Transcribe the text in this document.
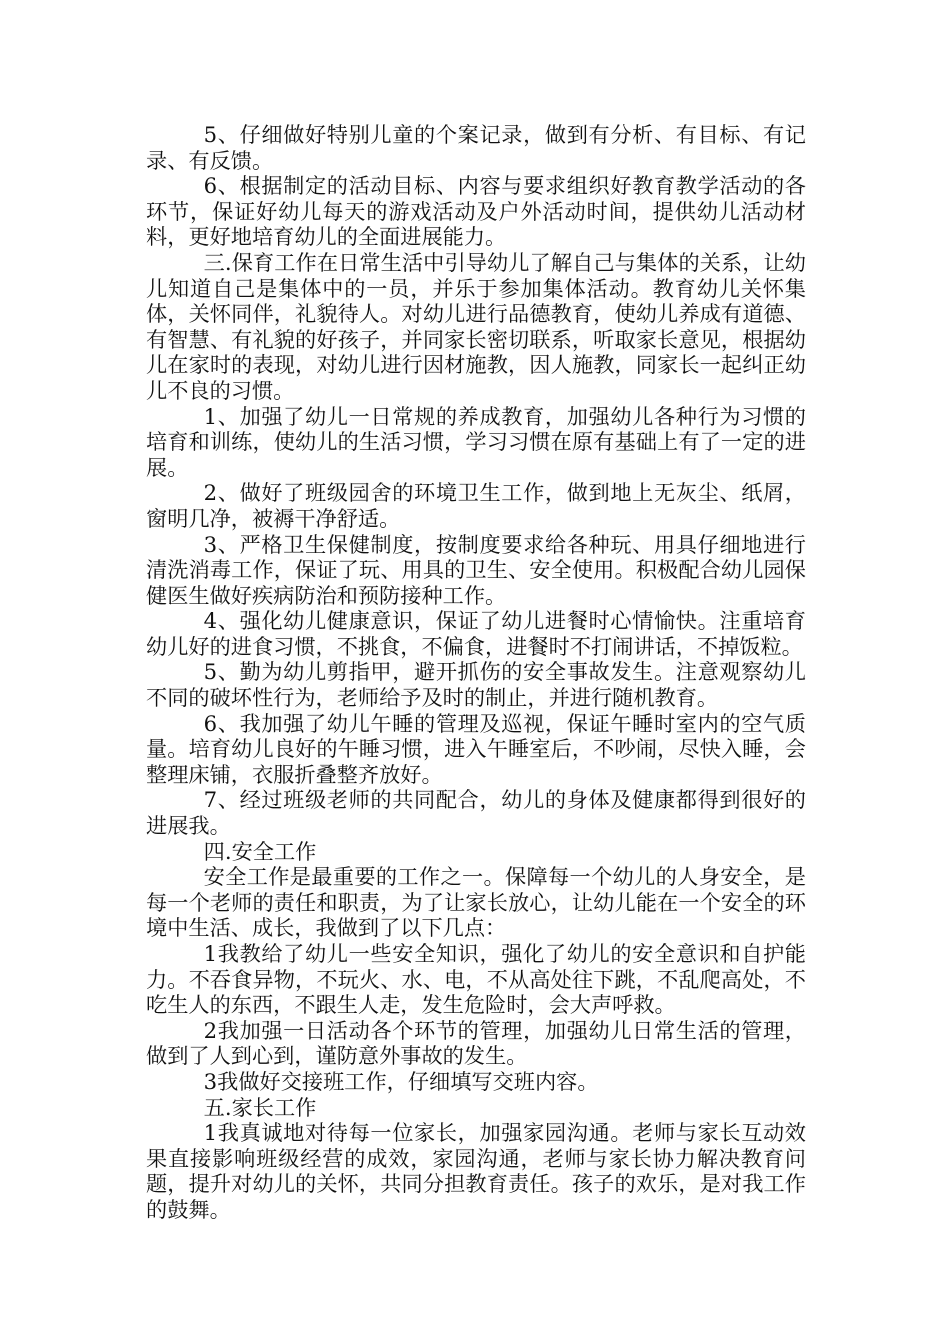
5、仔细做好特别儿童的个案记录，做到有分析、有目标、有记录、有反馈。

6、根据制定的活动目标、内容与要求组织好教育教学活动的各环节，保证好幼儿每天的游戏活动及户外活动时间，提供幼儿活动材料，更好地培育幼儿的全面进展能力。

三.保育工作在日常生活中引导幼儿了解自己与集体的关系，让幼儿知道自己是集体中的一员，并乐于参加集体活动。教育幼儿关怀集体，关怀同伴，礼貌待人。对幼儿进行品德教育，使幼儿养成有道德、有智慧、有礼貌的好孩子，并同家长密切联系，听取家长意见，根据幼儿在家时的表现，对幼儿进行因材施教，因人施教，同家长一起纠正幼儿不良的习惯。

1、加强了幼儿一日常规的养成教育，加强幼儿各种行为习惯的培育和训练，使幼儿的生活习惯，学习习惯在原有基础上有了一定的进展。

2、做好了班级园舍的环境卫生工作，做到地上无灰尘、纸屑，窗明几净，被褥干净舒适。

3、严格卫生保健制度，按制度要求给各种玩、用具仔细地进行清洗消毒工作，保证了玩、用具的卫生、安全使用。积极配合幼儿园保健医生做好疾病防治和预防接种工作。

4、强化幼儿健康意识，保证了幼儿进餐时心情愉快。注重培育幼儿好的进食习惯，不挑食，不偏食，进餐时不打闹讲话，不掉饭粒。

5、勤为幼儿剪指甲，避开抓伤的安全事故发生。注意观察幼儿不同的破坏性行为，老师给予及时的制止，并进行随机教育。

6、我加强了幼儿午睡的管理及巡视，保证午睡时室内的空气质量。培育幼儿良好的午睡习惯，进入午睡室后，不吵闹，尽快入睡，会整理床铺，衣服折叠整齐放好。

7、经过班级老师的共同配合，幼儿的身体及健康都得到很好的进展我。

四.安全工作

安全工作是最重要的工作之一。保障每一个幼儿的人身安全，是每一个老师的责任和职责，为了让家长放心，让幼儿能在一个安全的环境中生活、成长，我做到了以下几点：

1我教给了幼儿一些安全知识，强化了幼儿的安全意识和自护能力。不吞食异物，不玩火、水、电，不从高处往下跳，不乱爬高处，不吃生人的东西，不跟生人走，发生危险时，会大声呼救。

2我加强一日活动各个环节的管理，加强幼儿日常生活的管理，做到了人到心到，谨防意外事故的发生。

3我做好交接班工作，仔细填写交班内容。

五.家长工作

1我真诚地对待每一位家长，加强家园沟通。老师与家长互动效果直接影响班级经营的成效，家园沟通，老师与家长协力解决教育问题，提升对幼儿的关怀，共同分担教育责任。孩子的欢乐，是对我工作的鼓舞。
